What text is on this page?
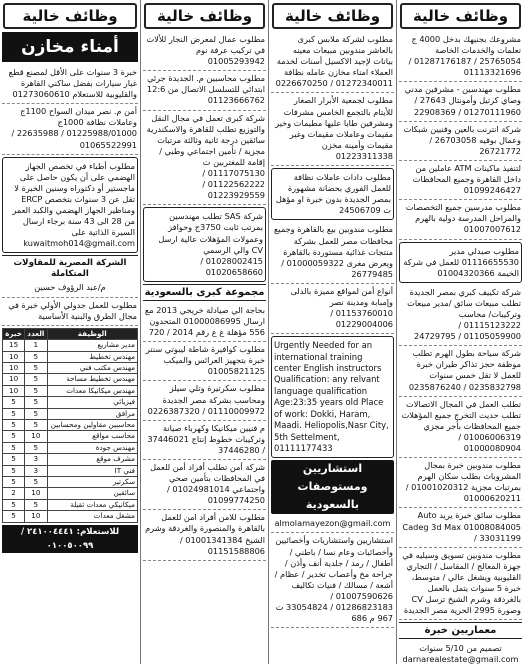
وظائف خالية
مشروعك بجنيهك بدخل 4000 ج تعلمات والخدمات الخاصة 25765054 / 01287176187 / 01113321696
مطلوب مهندسين - مشرفين مدني وصاي كرتيل وأمونتال 27643 / 01270111960 / 22908369
شركة انترنت بالعين وفنيين شبكات وعمال بوفيه 26703058 / 26721772
لتنفيذ ماكينات ATM عاملين من داخل القاهرة وجميع المحافظات 01099246427
مطلوب مدرسين جميع التخصصات والمراحل المدرسة دولية بالهرم 01007007612
مطلوب صيدلي مدير 01116655530 للعمل في شركة الخيمة 01004320366
شركة تكييف كبري بمصر الجديدة تطلب مبيعات سائق /مدير مبيعات وتركيبات/ محاسب 01115123222 / 01105059900 / 24729795
شركة سياحة بطول الهرم تطلب موظفة حجز تذاكر طيران خبرة للعمل لا تقل خمس سنوات 0235832798 / 0235876240
تطلب العمل في المجال الاتصالات تطلب حديث التخرج جميع المؤهلات جميع المحافظات بأجر مجزي 01006006319 / 01000080904
مطلوب مندوبين خبرة بمجال المشروبات بطلب سكان الهرم بمرتبات مجزية 01001020312 / 01000620211
مطلوب سائق خبرة يريد Auto Cadeg 3d Max 01008084005 / 33031199
مطلوب مندوبين تسويق وسيليه في جهزة المعالج / المقاسل / التجاري القليوبية ويشغل عالي / متوسط، خبرة 5 سنوات يتمل بالعمل بالغردقة وشرم الشيخ ترسل CV وصورة 2995 الحرية مصر الجديدة
معماريين خبرة
تصميم من 5/10 سنوات darnarealestate@gmail.com
وظائف خالية
مطلوب لشركة ملابس كبرى بالعاشر مندوبين مبيعات معينه بيانات لإجيد الاكسيل أسنات لخدمة العملاء امناء مخازن عامله نظافة 01272340011 / 0226670250
مطلوب لجمعية الأبرار الصغار للأيتام بالتجمع الخامس مشرفات ومشرفين طابا عليها مطيمات وخير مقيمات وعاملات مقيمات وغير مقيمات وأمينة مخزن 01223311338
مطلوب دادات عاملات نظافة للعمل الفوري بحضانة مشهورة بمصر الجديدة بدون خبرة او مؤهل ت 24506709
مطلوب مندوبين بيع بالقاهرة وجميع محافظات مصر للعمل بشركة منتجات غذائية مستوردة بالقاهرة ويعرض مغرى 01000059322 / 26779485
أنواع أمن لمواقع مميزة بالدلى وإمبابة ومدينة نصر 01153760010 / 01229004006
Urgently Needed for an international training center English instructors Qualification: any relvant language qualification Age:23:35 years old Place of work: Dokki, Haram, Maadi. Heliopolis,Nasr City, 5th Settelment, 01111177433
استشاريين ومستوصفات بالسعودية
almolamayezon@gmail.com
استشاريين واستشاريات وأخصائيين وأخصائيات وعام نسا / باطني / أطفال / رمد / جلدية أنف وأذن / جراحة مخ وأعصاب تخدير / عظام / أشعة / مسالك / فنيات تكاليف 01007590626 / 01286823183 / 33054824 ت 967 م 686
وظائف خالية
مطلوب عمال لمعرض النجار للألات في تركيب عرفة نوم 01005293942
مطلوب محاسبين م. الجديدة جرئي ابتدائي للتسلسل الاتصال من 12:6 01123666762
شركة كبرى تعمل في مجال النقل والتوزيع تطلب للقاهرة والاسكندرية سائقين درجة ثانية وثالثة مرتبات مجزية / تأمين اجتماعي وطبي / إقامة للمغتربين ت 01117075130 / 01122562222 / 01223929559
شركة SAS تطلب مهندسين بمرتب ثابت 3750ج وحوافز وعمولات المؤهلات عالية ارسل CV والي الرسمي 01028002415 / 01020658660
مجموعة كبرى بالسعودية
بحاجة الي صيادلة خريجي 2013 مع ارسال 01000086995 المتحدون 556 مؤهلة ع ع رقم 2014 / 720
مطلوب كوافيرة شاطة ليبوتي سنتر خبرة بتجهيز العرائس والميكب 01005821125
مطلوب سكرتيرة وتلي سيلز ومحاسب بشركة مصر الجديدة 01110009972 / 0226387320
م فنيين ميكانيكا وكهرباء صيانة وتركيبات خطوط إنتاج 37446021 / 37446280
شركة أمن تطلب أفراد أمن للعمل في المحافظات بتأمين صحي واجتماعي 01024981014 / 01099774250
مطلوب للامن أفراد امن للعمل بالقاهرة والمنصورة والغردقة وشرم الشيخ 01001341384 / 01151588806
وظائف خالية
أمناء مخازن
خبرة 3 سنوات على الأقل لمصنع قطع غيار سيارات بفضل ساكني القاهرة والقليوبية للاستعلام 01273060610
أمن م. نصر ميدان السواح 1100ج وعاملات نظافة 1000ج 01225988/01000 / 22635988 / 01065522991
مطلوب أطباء في تخصص الجهاز الهضمي على أن يكون حاصل على ماجستير أو دكتوراه وسنين الخبرة لا تقل عن 3 سنوات بتخصص ERCP ومناظير الجهاز الهضمي والكبد العمر من 28 الى 43 سنة برجاء ارسال السيرة الذاتية على kuwaitmoh014@gmail.com
الشركة المصرية للمقاولات المتكاملة
م/عبد الرؤوف حسين
مطلوب للعمل جدولي الأولي خبرة في مجال الطرق والبنية الأساسية
الوظيفة	العدد	خبرة
مدير مشاريع	1	15
مهندس تخطيط	5	10
مهندس مكتب فني	5	10
مهندس تخطيط مساحة	5	10
مهندس ميكانيكا معدات	5	10
فيزيائي	5	5
مرافق	5	5
محاسبين مقاولين ومحسابين	5	5
محاسب مواقع	10	5
مهندس جودة	5	5
مشرف موقع	3	5
فني IT	3	5
سكرتير	5	5
سائقين	10	2
ميكانيكي معدات ثقيلة	5	5
مشغل معدات	10	5
للاستعلام: ٢٤١٠٠٤٤٤١ / ٠١٠٠٥٠٠٩٩
